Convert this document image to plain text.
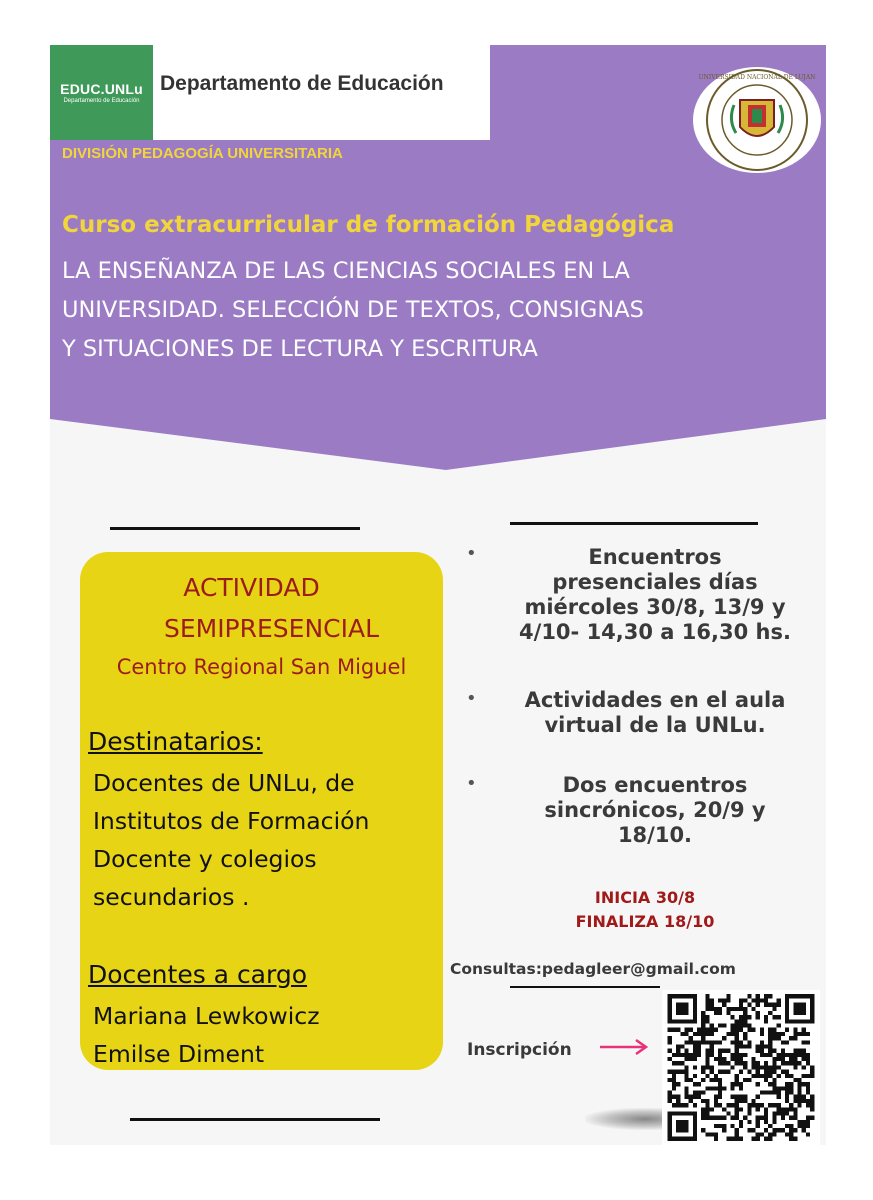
EDUC.UNLu
Departamento de Educación
Departamento de Educación
DIVISIÓN PEDAGOGÍA UNIVERSITARIA
UNIVERSIDAD NACIONAL DE LUJAN
Curso extracurricular de formación Pedagógica
LA ENSEÑANZA DE LAS CIENCIAS SOCIALES EN LA
UNIVERSIDAD. SELECCIÓN DE TEXTOS, CONSIGNAS
Y SITUACIONES DE LECTURA Y ESCRITURA
ACTIVIDAD
SEMIPRESENCIAL
Centro Regional San Miguel
Destinatarios:
Docentes de UNLu, de
Institutos de Formación
Docente y colegios
secundarios .
Docentes a cargo
Mariana Lewkowicz
Emilse Diment
•	Encuentros
presenciales días
miércoles 30/8, 13/9 y
4/10- 14,30 a 16,30 hs.
•	Actividades en el aula
virtual de la UNLu.
•	Dos encuentros
sincrónicos, 20/9 y
18/10.
INICIA 30/8
FINALIZA 18/10
Consultas:pedagleer@gmail.com
Inscripción
